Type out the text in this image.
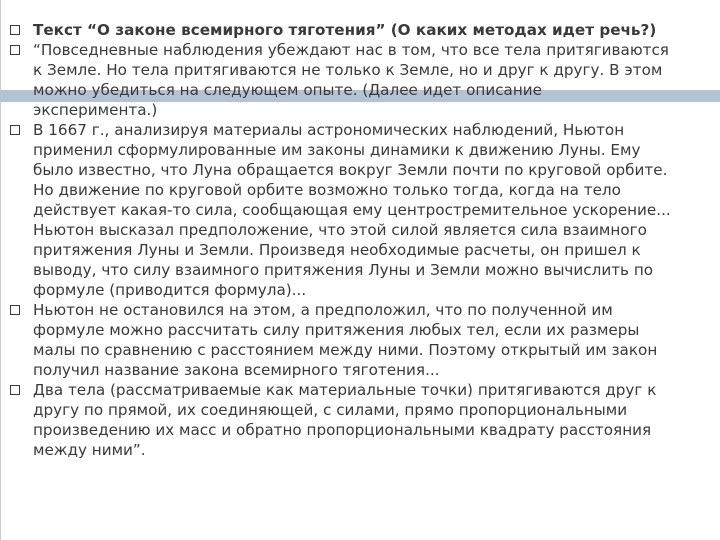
Текст “О законе всемирного тяготения” (О каких методах идет речь?)
“Повседневные наблюдения убеждают нас в том, что все тела притягиваются
к Земле. Но тела притягиваются не только к Земле, но и друг к другу. В этом
можно убедиться на следующем опыте. (Далее идет описание
эксперимента.)
В 1667 г., анализируя материалы астрономических наблюдений, Ньютон
применил сформулированные им законы динамики к движению Луны. Ему
было известно, что Луна обращается вокруг Земли почти по круговой орбите.
Но движение по круговой орбите возможно только тогда, когда на тело
действует какая-то сила, сообщающая ему центростремительное ускорение...
Ньютон высказал предположение, что этой силой является сила взаимного
притяжения Луны и Земли. Произведя необходимые расчеты, он пришел к
выводу, что силу взаимного притяжения Луны и Земли можно вычислить по
формуле (приводится формула)...
Ньютон не остановился на этом, а предположил, что по полученной им
формуле можно рассчитать силу притяжения любых тел, если их размеры
малы по сравнению с расстоянием между ними. Поэтому открытый им закон
получил название закона всемирного тяготения...
Два тела (рассматриваемые как материальные точки) притягиваются друг к
другу по прямой, их соединяющей, с силами, прямо пропорциональными
произведению их масс и обратно пропорциональными квадрату расстояния
между ними”.
